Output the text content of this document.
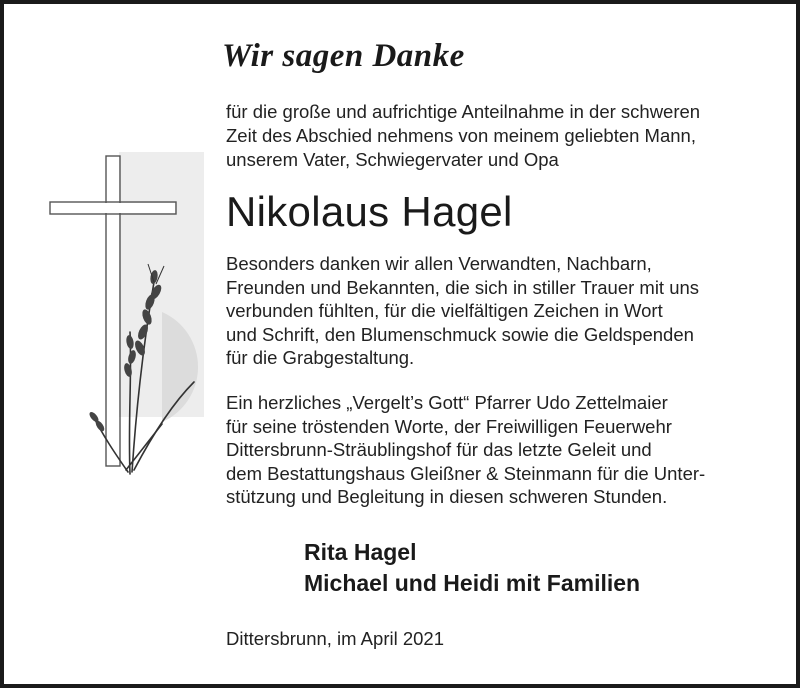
Wir sagen Danke
für die große und aufrichtige Anteilnahme in der schweren
Zeit des Abschied nehmens von meinem geliebten Mann,
unserem Vater, Schwiegervater und Opa
Nikolaus Hagel
Besonders danken wir allen Verwandten, Nachbarn,
Freunden und Bekannten, die sich in stiller Trauer mit uns
verbunden fühlten, für die vielfältigen Zeichen in Wort
und Schrift, den Blumenschmuck sowie die Geldspenden
für die Grabgestaltung.
Ein herzliches „Vergelt’s Gott“ Pfarrer Udo Zettelmaier
für seine tröstenden Worte, der Freiwilligen Feuerwehr
Dittersbrunn-Sträublingshof für das letzte Geleit und
dem Bestattungshaus Gleißner & Steinmann für die Unter-
stützung und Begleitung in diesen schweren Stunden.
Rita Hagel
Michael und Heidi mit Familien
Dittersbrunn, im April 2021
